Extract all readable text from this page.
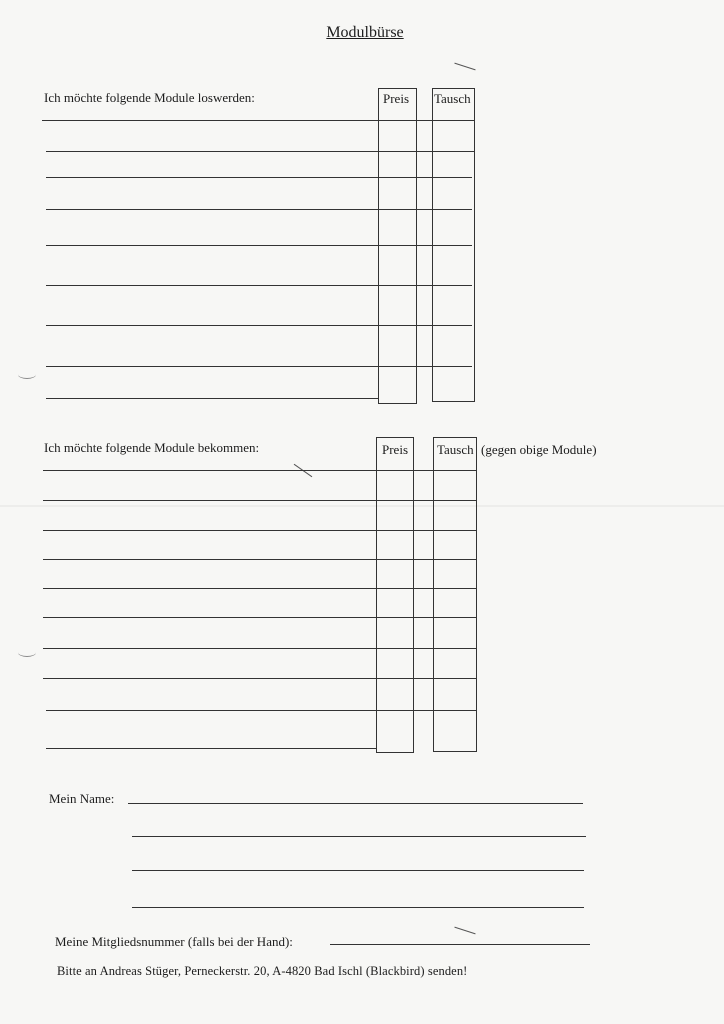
Modulbürse
Ich möchte folgende Module loswerden:	Preis Tausch
Ich möchte folgende Module bekommen:	Preis Tausch (gegen obige Module)
Mein Name:
Meine Mitgliedsnummer (falls bei der Hand):
Bitte an Andreas Stüger, Perneckerstr. 20, A-4820 Bad Ischl (Blackbird) senden!
